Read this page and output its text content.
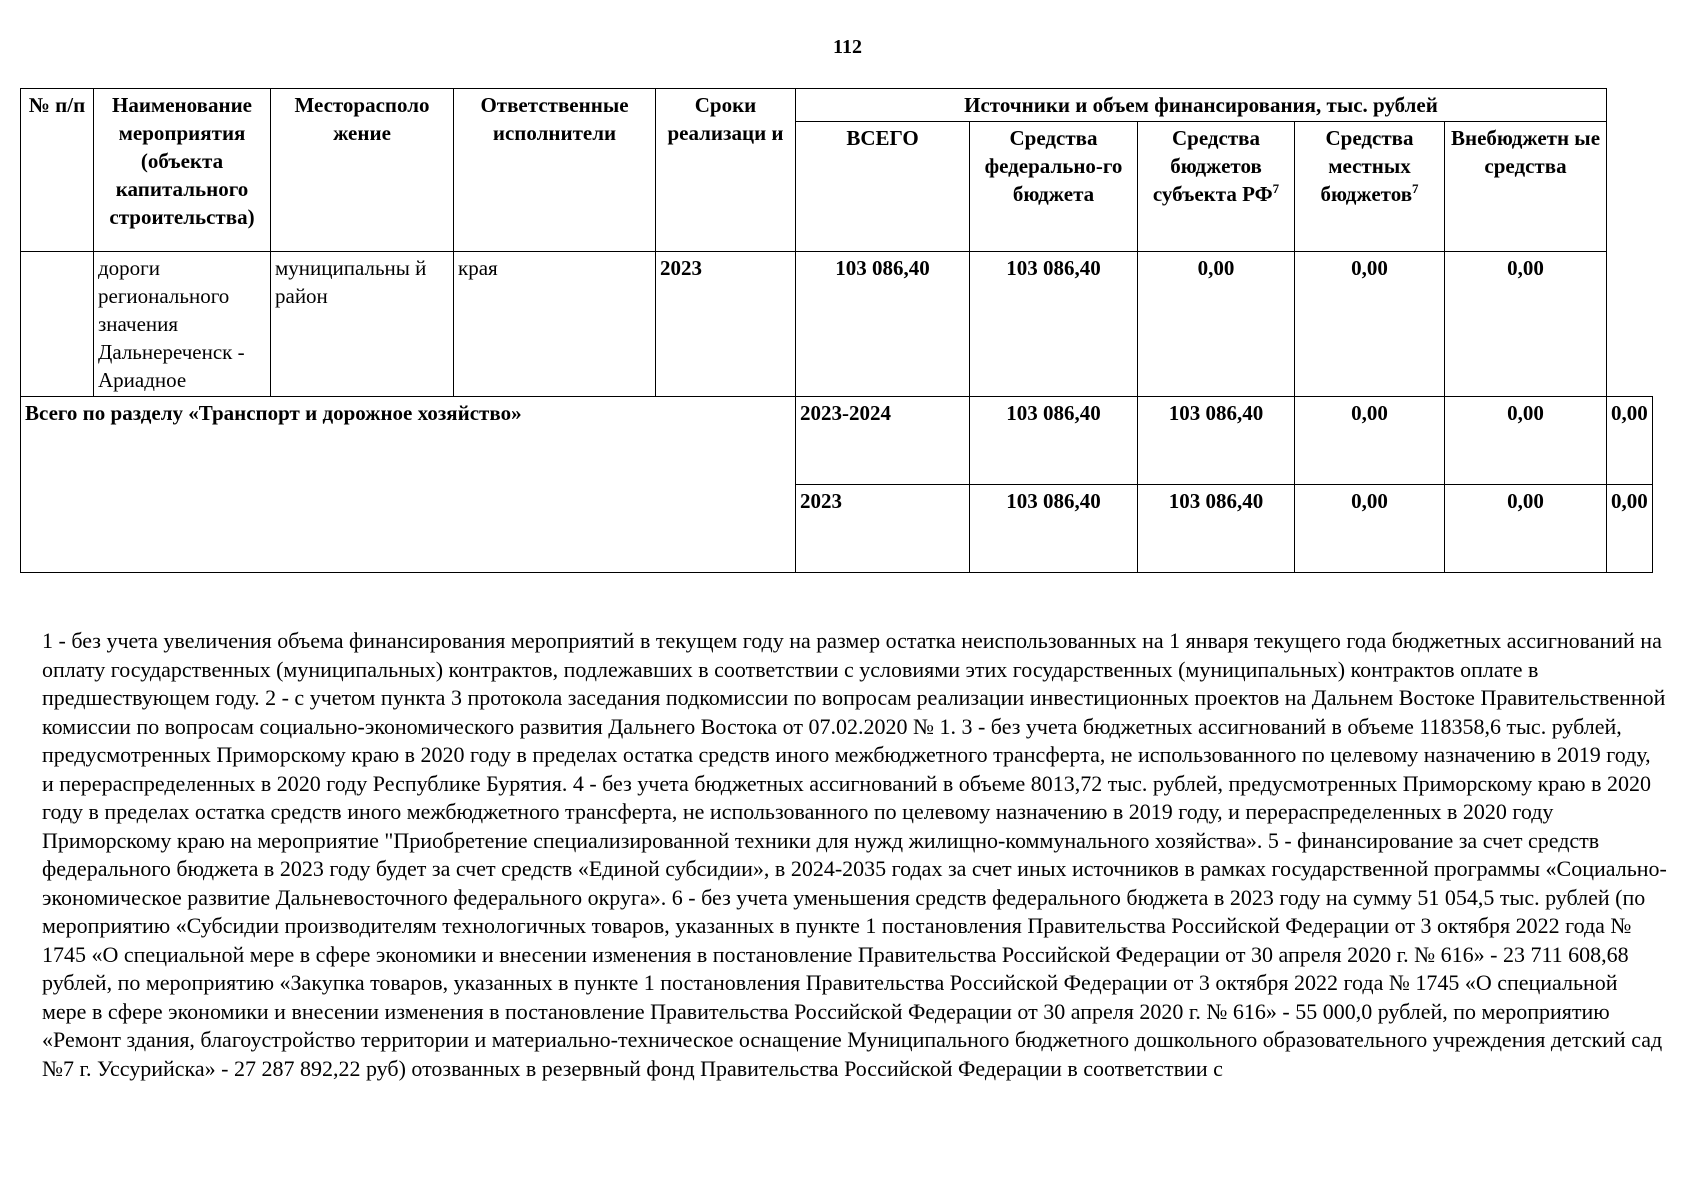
112
№ п/п	Наименование мероприятия (объекта капитального строительства)	Месторасполо жение	Ответственные исполнители	Сроки реализаци и	Источники и объем финансирования, тыс. рублей					
					ВСЕГО	Средства федерально-го бюджета	Средства бюджетов субъекта $РФ^7$	Средства местных бюджетов$^7$	Внебюджетн ые средства	
	дороги регионального значения Дальнереченск - Ариадное	муниципальны й район	края	2023	103 086,40	103 086,40	0,00	0,00	0,00	
Всего по разделу «Транспорт и дорожное хозяйство»					2023-2024	103 086,40	103 086,40	0,00	0,00	0,00
					2023	103 086,40	103 086,40	0,00	0,00	0,00
1 - без учета увеличения объема финансирования мероприятий в текущем году на размер остатка неиспользованных на 1 января текущего года бюджетных ассигнований на оплату государственных (муниципальных) контрактов, подлежавших в соответствии с условиями этих государственных (муниципальных) контрактов оплате в предшествующем году. 2 - с учетом пункта 3 протокола заседания подкомиссии по вопросам реализации инвестиционных проектов на Дальнем Востоке Правительственной комиссии по вопросам социально-экономического развития Дальнего Востока от 07.02.2020 № 1. 3 - без учета бюджетных ассигнований в объеме 118358,6 тыс. рублей, предусмотренных Приморскому краю в 2020 году в пределах остатка средств иного межбюджетного трансферта, не использованного по целевому назначению в 2019 году, и перераспределенных в 2020 году Республике Бурятия. 4 - без учета бюджетных ассигнований в объеме 8013,72 тыс. рублей, предусмотренных Приморскому краю в 2020 году в пределах остатка средств иного межбюджетного трансферта, не использованного по целевому назначению в 2019 году, и перераспределенных в 2020 году Приморскому краю на мероприятие "Приобретение специализированной техники для нужд жилищно-коммунального хозяйства». 5 - финансирование за счет средств федерального бюджета в 2023 году будет за счет средств «Единой субсидии», в 2024-2035 годах за счет иных источников в рамках государственной программы «Социально-экономическое развитие Дальневосточного федерального округа». 6 - без учета уменьшения средств федерального бюджета в 2023 году на сумму 51 054,5 тыс. рублей (по мероприятию «Субсидии производителям технологичных товаров, указанных в пункте 1 постановления Правительства Российской Федерации от 3 октября 2022 года № 1745 «О специальной мере в сфере экономики и внесении изменения в постановление Правительства Российской Федерации от 30 апреля 2020 г. № 616» - 23 711 608,68 рублей, по мероприятию «Закупка товаров, указанных в пункте 1 постановления Правительства Российской Федерации от 3 октября 2022 года № 1745 «О специальной мере в сфере экономики и внесении изменения в постановление Правительства Российской Федерации от 30 апреля 2020 г. № 616» - 55 000,0 рублей, по мероприятию «Ремонт здания, благоустройство территории и материально-техническое оснащение Муниципального бюджетного дошкольного образовательного учреждения детский сад №7 г. Уссурийска» - 27 287 892,22 руб) отозванных в резервный фонд Правительства Российской Федерации в соответствии с
